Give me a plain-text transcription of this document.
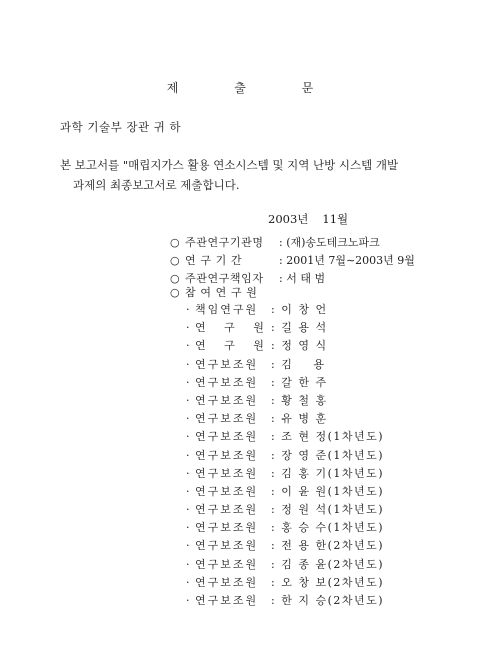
제 출 문
과학 기술부 장관 귀 하
본 보고서를 "매립지가스 활용 연소시스템 및 지역 난방 시스템 개발
과제의 최종보고서로 제출합니다.
2003년 11월
○ 주관연구기관명 : (재)송도테크노파크
○ 연 구 기 간	: 2001년 7월∼2003년 9월
○ 주관연구책임자 : 서 태 범
○ 참 여 연 구 원
· 책임연구원 : 이 창 언
· 연   구   원 : 길 용 석
· 연   구   원 : 정 영 식
· 연구보조원 : 김    용
· 연구보조원 : 갈 한 주
· 연구보조원 : 황 철 홍
· 연구보조원 : 유 병 훈
· 연구보조원 : 조 현 정(1차년도)
· 연구보조원 : 장 영 준(1차년도)
· 연구보조원 : 김 홍 기(1차년도)
· 연구보조원 : 이 윤 원(1차년도)
· 연구보조원 : 정 원 석(1차년도)
· 연구보조원 : 홍 승 수(1차년도)
· 연구보조원 : 전 용 한(2차년도)
· 연구보조원 : 김 종 윤(2차년도)
· 연구보조원 : 오 창 보(2차년도)
· 연구보조원 : 한 지 승(2차년도)
